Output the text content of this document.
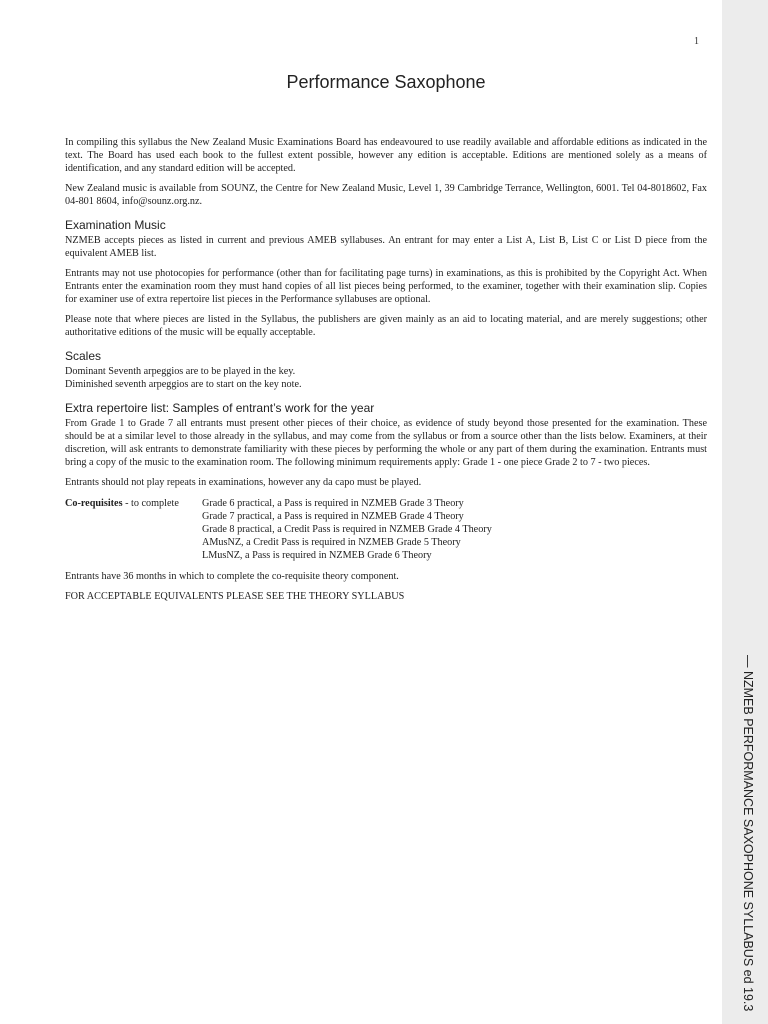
— NZMEB PERFORMANCE SAXOPHONE SYLLABUS ed 19.3
1
Performance Saxophone

In compiling this syllabus the New Zealand Music Examinations Board has endeavoured to use readily available and affordable editions as indicated in the text. The Board has used each book to the fullest extent possible, however any edition is acceptable. Editions are mentioned solely as a means of identification, and any standard edition will be accepted.

New Zealand music is available from SOUNZ, the Centre for New Zealand Music, Level 1, 39 Cambridge Terrance, Wellington, 6001. Tel 04-8018602, Fax 04-801 8604, info@sounz.org.nz.

Examination Music

NZMEB accepts pieces as listed in current and previous AMEB syllabuses. An entrant for may enter a List A, List B, List C or List D piece from the equivalent AMEB list.

Entrants may not use photocopies for performance (other than for facilitating page turns) in examinations, as this is prohibited by the Copyright Act. When Entrants enter the examination room they must hand copies of all list pieces being performed, to the examiner, together with their examination slip. Copies for examiner use of extra repertoire list pieces in the Performance syllabuses are optional.

Please note that where pieces are listed in the Syllabus, the publishers are given mainly as an aid to locating material, and are merely suggestions; other authoritative editions of the music will be equally acceptable.

Scales

Dominant Seventh arpeggios are to be played in the key.

Diminished seventh arpeggios are to start on the key note.

Extra repertoire list: Samples of entrant’s work for the year

From Grade 1 to Grade 7 all entrants must present other pieces of their choice, as evidence of study beyond those presented for the examination. These should be at a similar level to those already in the syllabus, and may come from the syllabus or from a source other than the lists below. Examiners, at their discretion, will ask entrants to demonstrate familiarity with these pieces by performing the whole or any part of them during the examination. Entrants must bring a copy of the music to the examination room. The following minimum requirements apply: Grade 1 - one piece Grade 2 to 7 - two pieces.

Entrants should not play repeats in examinations, however any da capo must be played.

Co-requisites - to complete	Grade 6 practical, a Pass is required in NZMEB Grade 3 Theory
Grade 7 practical, a Pass is required in NZMEB Grade 4 Theory
Grade 8 practical, a Credit Pass is required in NZMEB Grade 4 Theory
AMusNZ, a Credit Pass is required in NZMEB Grade 5 Theory
LMusNZ, a Pass is required in NZMEB Grade 6 Theory

Entrants have 36 months in which to complete the co-requisite theory component.

FOR ACCEPTABLE EQUIVALENTS PLEASE SEE THE THEORY SYLLABUS
